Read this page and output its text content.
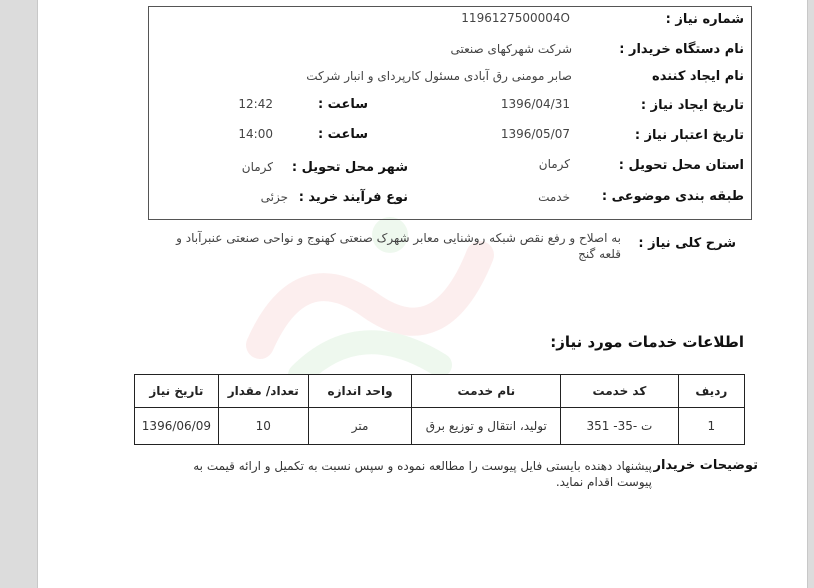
شماره نیاز :
1196127500004O
نام دستگاه خریدار :
شرکت شهرکهای صنعتی
نام ایجاد کننده
صابر مومنی رق آبادی مسئول کارپردای و انبار شرکت
تاریخ ایجاد نیاز :
1396/04/31
ساعت :
12:42
تاریخ اعتبار نیاز :
1396/05/07
ساعت :
14:00
استان محل تحویل :
کرمان
شهر محل تحویل :
کرمان
طبقه بندی موضوعی :
خدمت
نوع فرآیند خرید :
جزئی
شرح کلی نیاز :
به اصلاح و رفع نقص شبکه روشنایی معابر شهرک صنعتی کهنوج و نواحی صنعتی عنبرآباد و
قلعه گنج
اطلاعات خدمات مورد نیاز:
ردیف	کد خدمت	نام خدمت	واحد اندازه	تعداد/ مقدار	تاریخ نیاز
1	ت -35- 351	تولید، انتقال و توزیع برق	متر	10	1396/06/09
توضیحات خریدار
پیشنهاد دهنده بایستی فایل پیوست را مطالعه نموده و سپس نسبت به تکمیل و ارائه قیمت به
پیوست اقدام نماید.
